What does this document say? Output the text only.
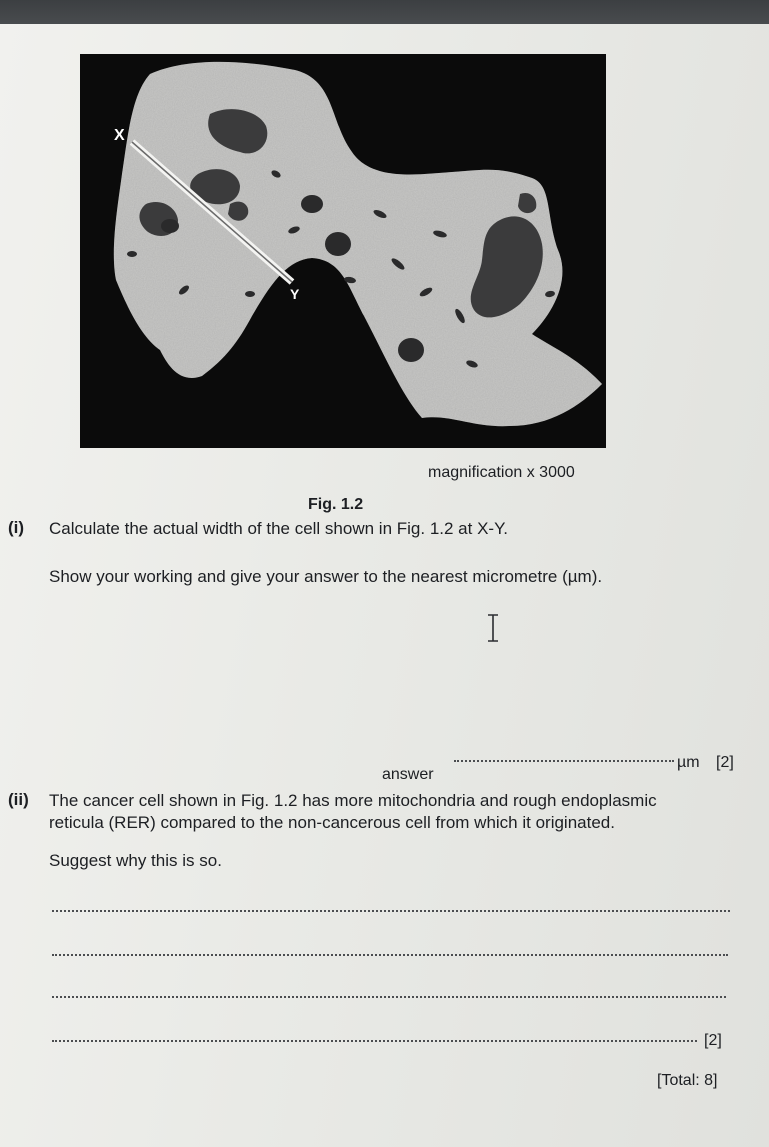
X
Y
magnification x 3000
Fig. 1.2
(i) Calculate the actual width of the cell shown in Fig. 1.2 at X-Y.
Show your working and give your answer to the nearest micrometre (µm).
answer
µm [2]
(ii) The cancer cell shown in Fig. 1.2 has more mitochondria and rough endoplasmic
reticula (RER) compared to the non-cancerous cell from which it originated.
Suggest why this is so.
[2]
[Total: 8]
